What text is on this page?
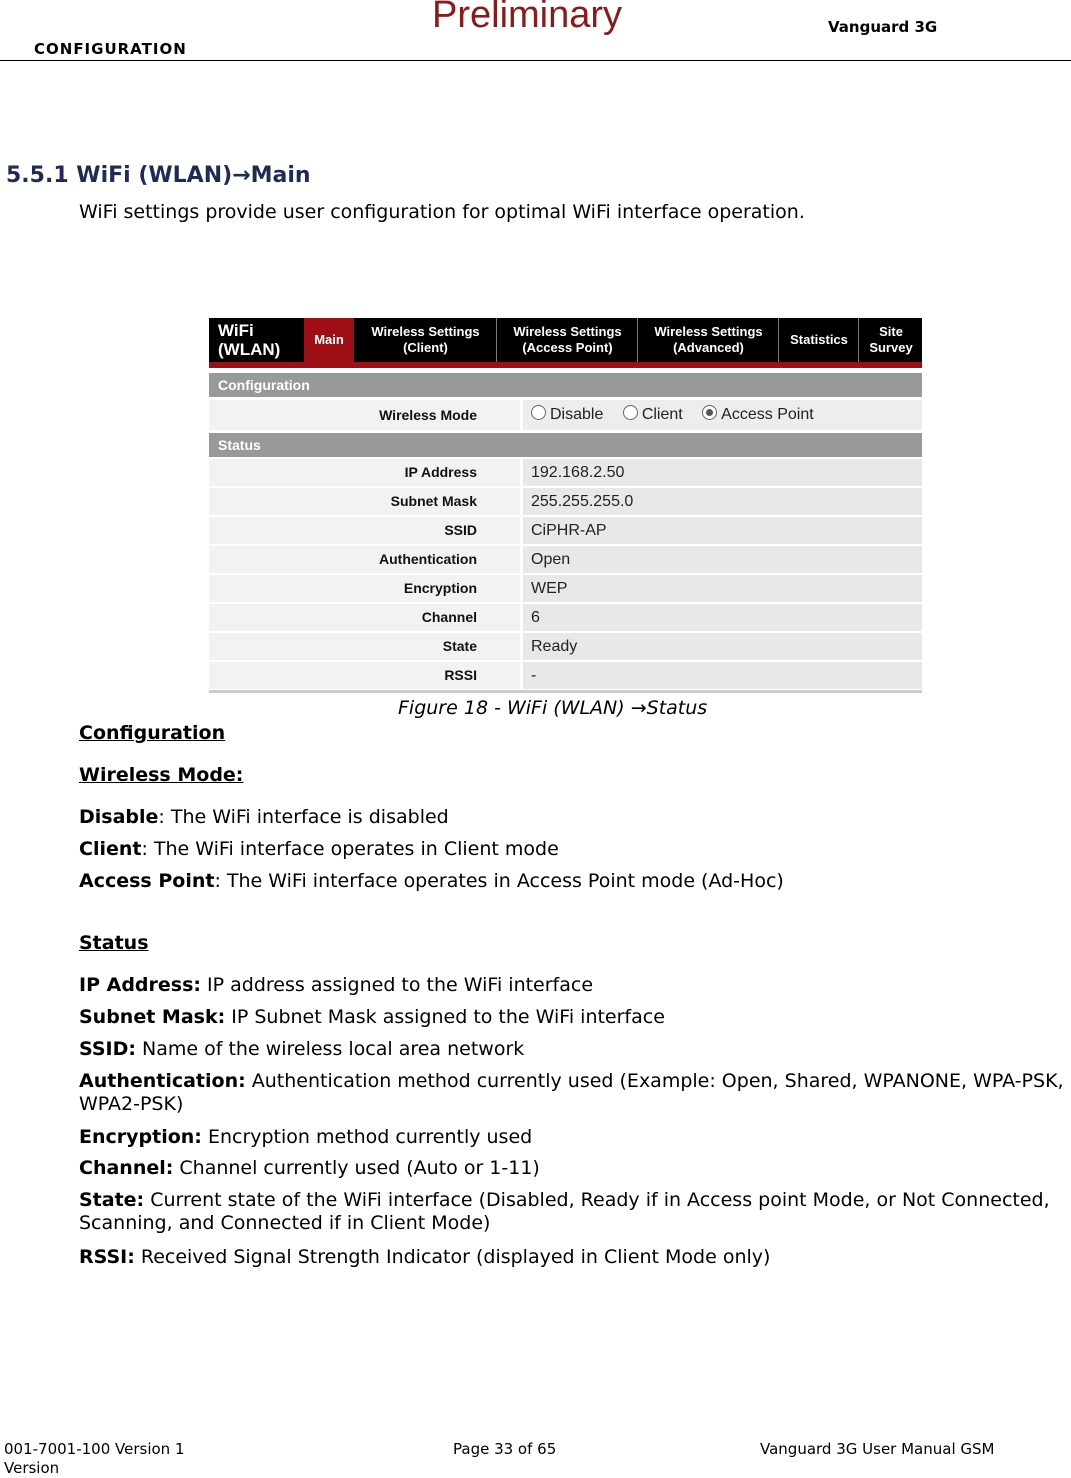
CONFIGURATION
Preliminary	Vanguard 3G
5.5.1 WiFi (WLAN)→Main
WiFi settings provide user configuration for optimal WiFi interface operation.
WiFi
(WLAN)
Main
Wireless Settings
(Client)
Wireless Settings
(Access Point)
Wireless Settings
(Advanced)
Statistics
Site
Survey
Configuration
Wireless Mode	Disable Client Access Point
Status
IP Address	192.168.2.50
Subnet Mask	255.255.255.0
SSID	CiPHR-AP
Authentication	Open
Encryption	WEP
Channel	6
State	Ready
RSSI	-
Figure 18 - WiFi (WLAN) →Status
Configuration
Wireless Mode:
Disable: The WiFi interface is disabled
Client: The WiFi interface operates in Client mode
Access Point: The WiFi interface operates in Access Point mode (Ad-Hoc)
Status
IP Address: IP address assigned to the WiFi interface
Subnet Mask: IP Subnet Mask assigned to the WiFi interface
SSID: Name of the wireless local area network
Authentication: Authentication method currently used (Example: Open, Shared, WPANONE, WPA-PSK, WPA2-PSK)
Encryption: Encryption method currently used
Channel: Channel currently used (Auto or 1-11)
State: Current state of the WiFi interface (Disabled, Ready if in Access point Mode, or Not Connected, Scanning, and Connected if in Client Mode)
RSSI: Received Signal Strength Indicator (displayed in Client Mode only)
001-7001-100 Version 1 Version
Page 33 of 65	Vanguard 3G User Manual GSM
